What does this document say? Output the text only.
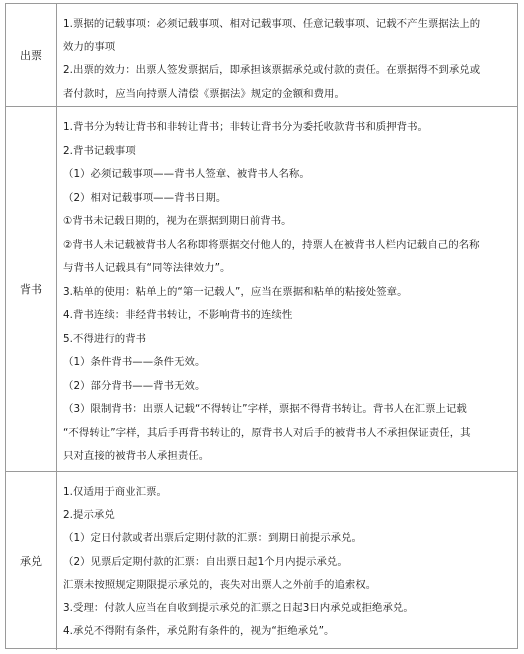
出票
1.票据的记载事项：必须记载事项、相对记载事项、任意记载事项、记载不产生票据法上的
效力的事项
2.出票的效力：出票人签发票据后，即承担该票据承兑或付款的责任。在票据得不到承兑或
者付款时，应当向持票人清偿《票据法》规定的金额和费用。
背书
1.背书分为转让背书和非转让背书；非转让背书分为委托收款背书和质押背书。
2.背书记载事项
（1）必须记载事项——背书人签章、被背书人名称。
（2）相对记载事项——背书日期。
①背书未记载日期的，视为在票据到期日前背书。
②背书人未记载被背书人名称即将票据交付他人的，持票人在被背书人栏内记载自己的名称
与背书人记载具有“同等法律效力”。
3.粘单的使用：粘单上的“第一记载人”，应当在票据和粘单的粘接处签章。
4.背书连续：非经背书转让，不影响背书的连续性
5.不得进行的背书
（1）条件背书——条件无效。
（2）部分背书——背书无效。
（3）限制背书：出票人记载“不得转让”字样，票据不得背书转让。背书人在汇票上记载
“不得转让”字样，其后手再背书转让的，原背书人对后手的被背书人不承担保证责任，其
只对直接的被背书人承担责任。
承兑
1.仅适用于商业汇票。
2.提示承兑
（1）定日付款或者出票后定期付款的汇票：到期日前提示承兑。
（2）见票后定期付款的汇票：自出票日起1个月内提示承兑。
汇票未按照规定期限提示承兑的，丧失对出票人之外前手的追索权。
3.受理：付款人应当在自收到提示承兑的汇票之日起3日内承兑或拒绝承兑。
4.承兑不得附有条件，承兑附有条件的，视为“拒绝承兑”。
